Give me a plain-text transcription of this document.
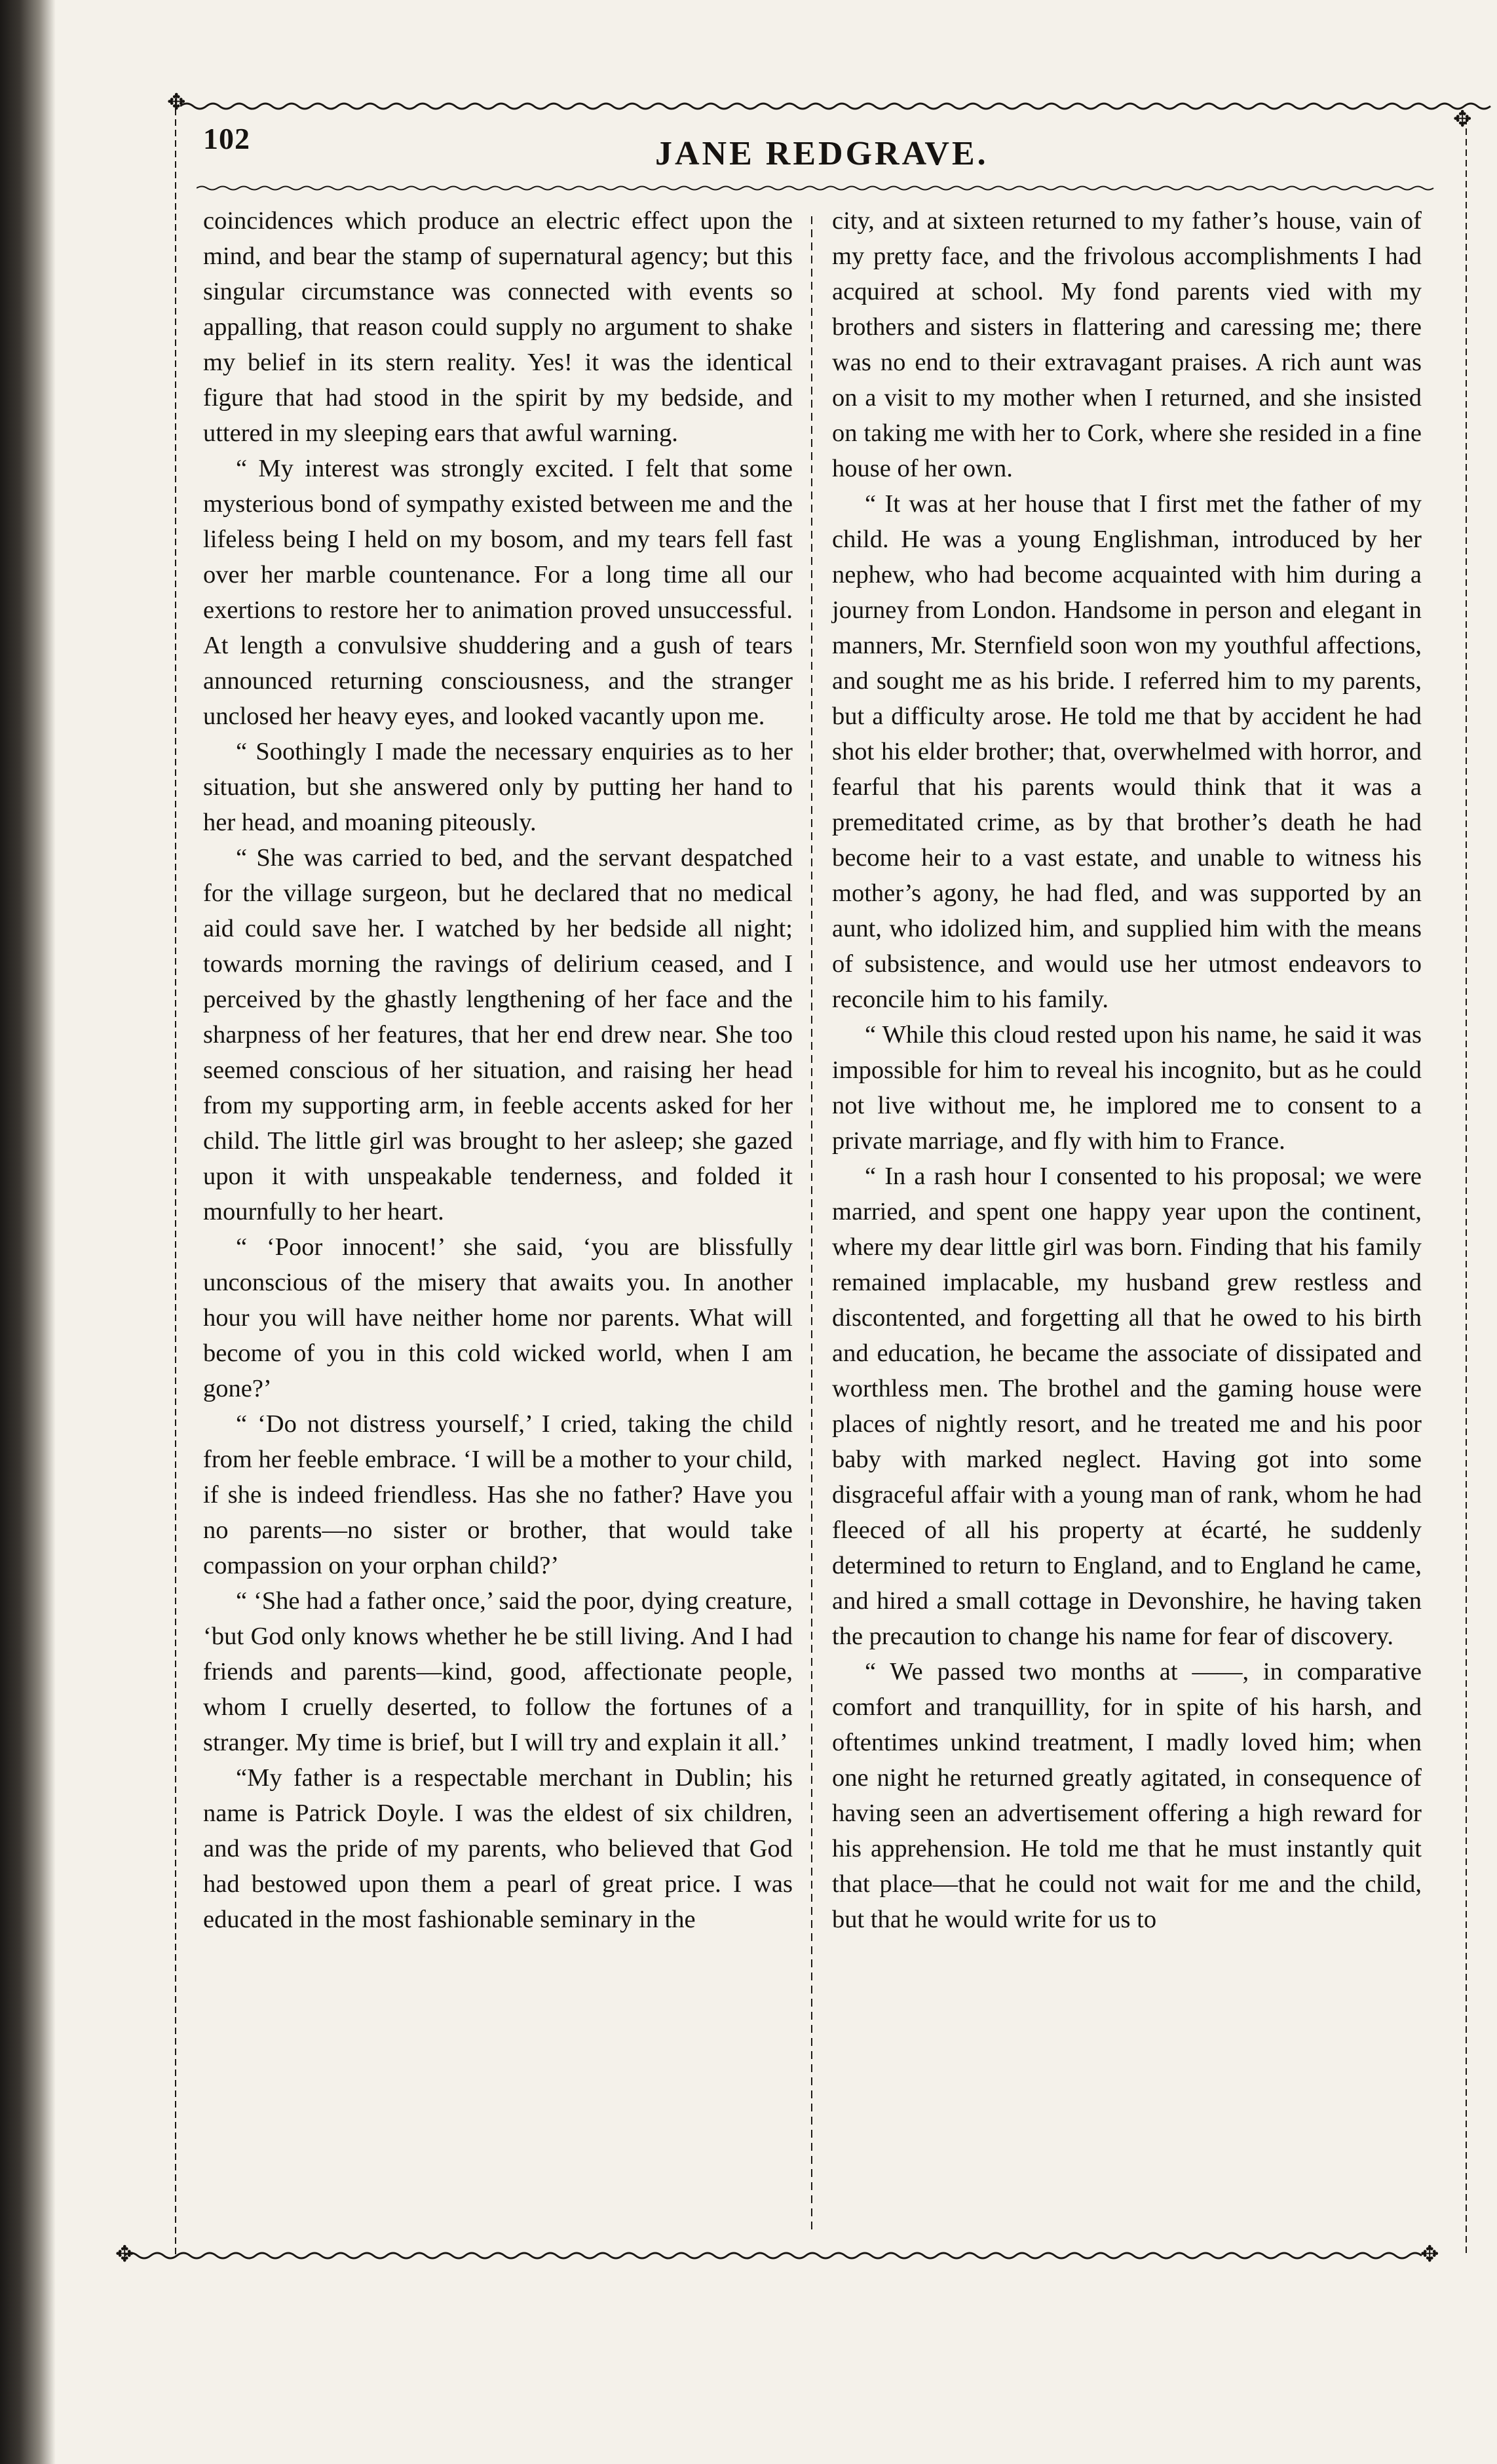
✥
✥
✥	✥
102	JANE REDGRAVE.

coincidences which produce an electric effect upon the mind, and bear the stamp of supernatural agency; but this singular circumstance was connected with events so appalling, that reason could supply no argument to shake my belief in its stern reality. Yes! it was the identical figure that had stood in the spirit by my bedside, and uttered in my sleeping ears that awful warning.

“ My interest was strongly excited. I felt that some mysterious bond of sympathy existed between me and the lifeless being I held on my bosom, and my tears fell fast over her marble countenance. For a long time all our exertions to restore her to animation proved unsuccessful. At length a convulsive shuddering and a gush of tears announced returning consciousness, and the stranger unclosed her heavy eyes, and looked vacantly upon me.

“ Soothingly I made the necessary enquiries as to her situation, but she answered only by putting her hand to her head, and moaning piteously.

“ She was carried to bed, and the servant despatched for the village surgeon, but he declared that no medical aid could save her. I watched by her bedside all night; towards morning the ravings of delirium ceased, and I perceived by the ghastly lengthening of her face and the sharpness of her features, that her end drew near. She too seemed conscious of her situation, and raising her head from my supporting arm, in feeble accents asked for her child. The little girl was brought to her asleep; she gazed upon it with unspeakable tenderness, and folded it mournfully to her heart.

“ ‘Poor innocent!’ she said, ‘you are blissfully unconscious of the misery that awaits you. In another hour you will have neither home nor parents. What will become of you in this cold wicked world, when I am gone?’

“ ‘Do not distress yourself,’ I cried, taking the child from her feeble embrace. ‘I will be a mother to your child, if she is indeed friendless. Has she no father? Have you no parents—no sister or brother, that would take compassion on your orphan child?’

“ ‘She had a father once,’ said the poor, dying creature, ‘but God only knows whether he be still living. And I had friends and parents—kind, good, affectionate people, whom I cruelly deserted, to follow the fortunes of a stranger. My time is brief, but I will try and explain it all.’

“My father is a respectable merchant in Dublin; his name is Patrick Doyle. I was the eldest of six children, and was the pride of my parents, who believed that God had bestowed upon them a pearl of great price. I was educated in the most fashionable seminary in the

city, and at sixteen returned to my father’s house, vain of my pretty face, and the frivolous accomplishments I had acquired at school. My fond parents vied with my brothers and sisters in flattering and caressing me; there was no end to their extravagant praises. A rich aunt was on a visit to my mother when I returned, and she insisted on taking me with her to Cork, where she resided in a fine house of her own.

“ It was at her house that I first met the father of my child. He was a young Englishman, introduced by her nephew, who had become acquainted with him during a journey from London. Handsome in person and elegant in manners, Mr. Sternfield soon won my youthful affections, and sought me as his bride. I referred him to my parents, but a difficulty arose. He told me that by accident he had shot his elder brother; that, overwhelmed with horror, and fearful that his parents would think that it was a premeditated crime, as by that brother’s death he had become heir to a vast estate, and unable to witness his mother’s agony, he had fled, and was supported by an aunt, who idolized him, and supplied him with the means of subsistence, and would use her utmost endeavors to reconcile him to his family.

“ While this cloud rested upon his name, he said it was impossible for him to reveal his incognito, but as he could not live without me, he implored me to consent to a private marriage, and fly with him to France.

“ In a rash hour I consented to his proposal; we were married, and spent one happy year upon the continent, where my dear little girl was born. Finding that his family remained implacable, my husband grew restless and discontented, and forgetting all that he owed to his birth and education, he became the associate of dissipated and worthless men. The brothel and the gaming house were places of nightly resort, and he treated me and his poor baby with marked neglect. Having got into some disgraceful affair with a young man of rank, whom he had fleeced of all his property at écarté, he suddenly determined to return to England, and to England he came, and hired a small cottage in Devonshire, he having taken the precaution to change his name for fear of discovery.

“ We passed two months at ——, in comparative comfort and tranquillity, for in spite of his harsh, and oftentimes unkind treatment, I madly loved him; when one night he returned greatly agitated, in consequence of having seen an advertisement offering a high reward for his apprehension. He told me that he must instantly quit that place—that he could not wait for me and the child, but that he would write for us to
